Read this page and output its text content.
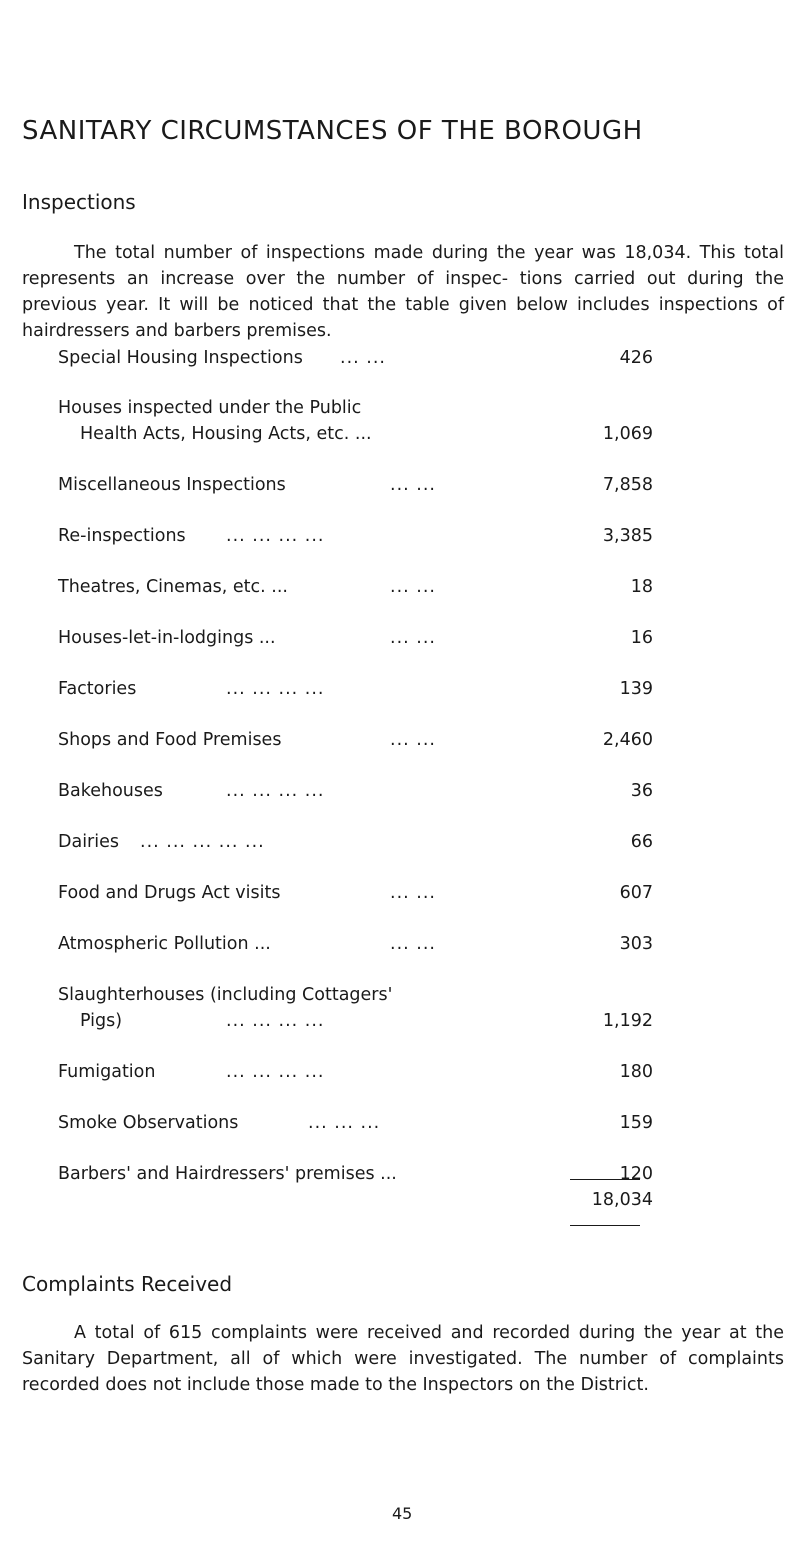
SANITARY CIRCUMSTANCES OF THE BOROUGH
Inspections

The total number of inspections made during the year was 18,034. This total represents an increase over the number of inspec- tions carried out during the previous year. It will be noticed that the table given below includes inspections of hairdressers and barbers premises.

Special Housing Inspections ... ...	426
Houses inspected under the Public
Health Acts, Housing Acts, etc. ...	1,069
Miscellaneous Inspections	... ...	7,858
Re-inspections ... ... ... ...	3,385
Theatres, Cinemas, etc. ...	... ...	18
Houses-let-in-lodgings ...	... ...	16
Factories	... ... ... ...	139
Shops and Food Premises	... ...	2,460
Bakehouses	... ... ... ...	36
Dairies ... ... ... ... ...	66
Food and Drugs Act visits	... ...	607
Atmospheric Pollution ...	... ...	303
Slaughterhouses (including Cottagers'
Pigs)	... ... ... ...	1,192
Fumigation	... ... ... ...	180
Smoke Observations	... ... ...	159
Barbers' and Hairdressers' premises ...	120
18,034
Complaints Received

A total of 615 complaints were received and recorded during the year at the Sanitary Department, all of which were investigated. The number of complaints recorded does not include those made to the Inspectors on the District.

45
